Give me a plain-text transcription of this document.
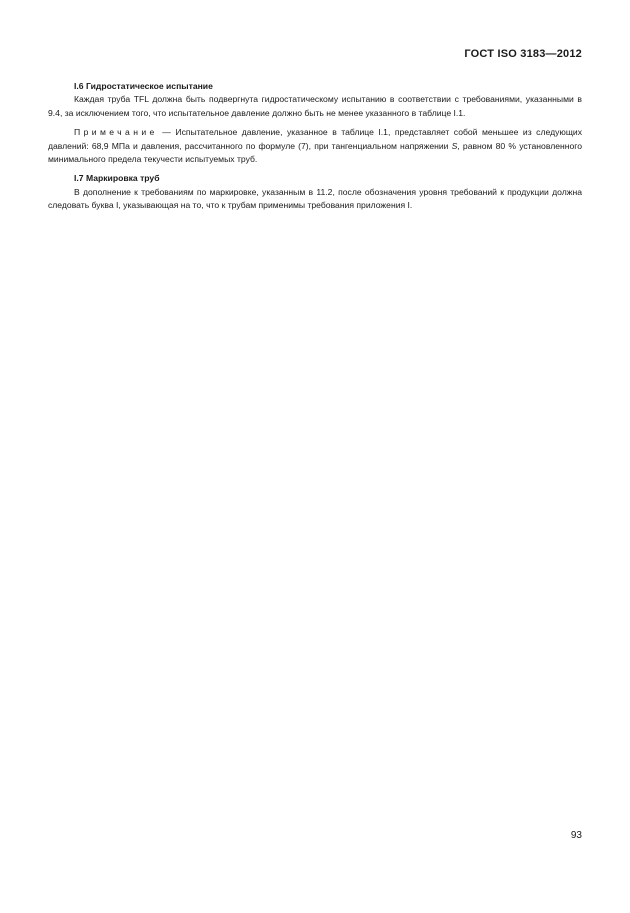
ГОСТ ISO 3183—2012

I.6 Гидростатическое испытание

Каждая труба TFL должна быть подвергнута гидростатическому испытанию в соответствии с требованиями, указанными в 9.4, за исключением того, что испытательное давление должно быть не менее указанного в таблице I.1.

Примечание — Испытательное давление, указанное в таблице I.1, представляет собой меньшее из следующих давлений: 68,9 МПа и давления, рассчитанного по формуле (7), при тангенциальном напряжении S, равном 80 % установленного минимального предела текучести испытуемых труб.

I.7 Маркировка труб

В дополнение к требованиям по маркировке, указанным в 11.2, после обозначения уровня требований к продукции должна следовать буква I, указывающая на то, что к трубам применимы требования приложения I.

93
